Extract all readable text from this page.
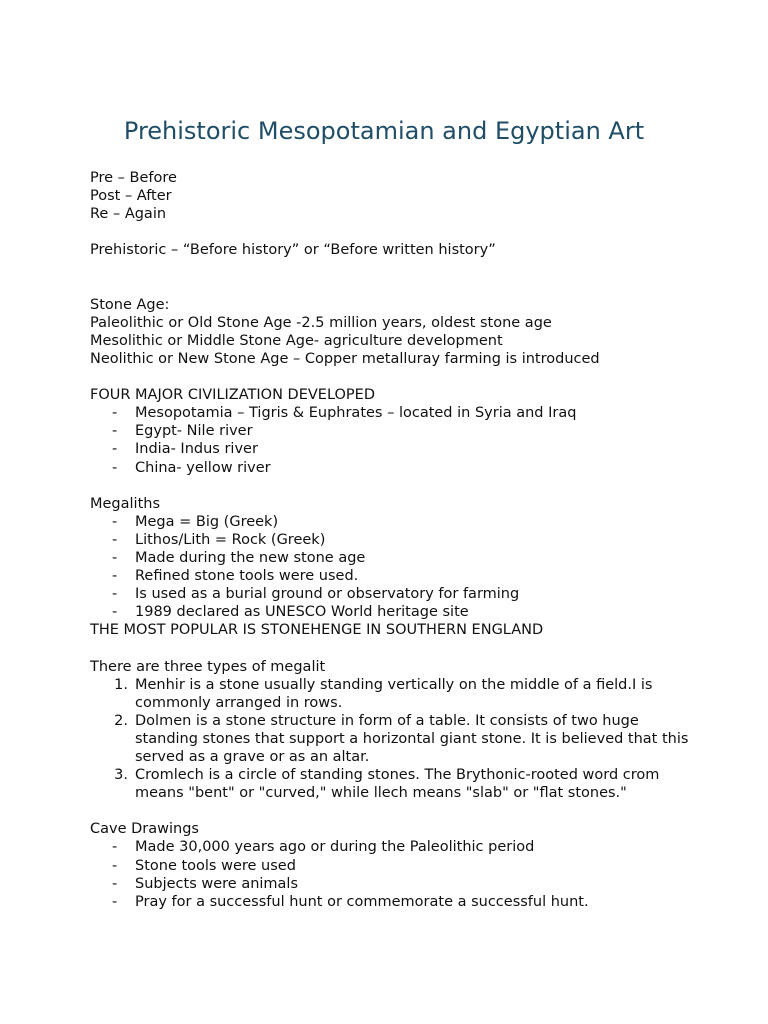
Prehistoric Mesopotamian and Egyptian Art
Pre – Before
Post – After
Re – Again
Prehistoric – “Before history” or “Before written history”
Stone Age:
Paleolithic or Old Stone Age -2.5 million years, oldest stone age
Mesolithic or Middle Stone Age- agriculture development
Neolithic or New Stone Age – Copper metalluray farming is introduced
FOUR MAJOR CIVILIZATION DEVELOPED
-	Mesopotamia – Tigris & Euphrates – located in Syria and Iraq
-	Egypt- Nile river
-	India- Indus river
-	China- yellow river
Megaliths
-	Mega = Big (Greek)
-	Lithos/Lith = Rock (Greek)
-	Made during the new stone age
-	Refined stone tools were used.
-	Is used as a burial ground or observatory for farming
-	1989 declared as UNESCO World heritage site
THE MOST POPULAR IS STONEHENGE IN SOUTHERN ENGLAND
There are three types of megalit
1. Menhir is a stone usually standing vertically on the middle of a field.I is commonly arranged in rows.
2. Dolmen is a stone structure in form of a table. It consists of two huge standing stones that support a horizontal giant stone. It is believed that this served as a grave or as an altar.
3. Cromlech is a circle of standing stones. The Brythonic-rooted word crom means "bent" or "curved," while llech means "slab" or "flat stones."
Cave Drawings
-	Made 30,000 years ago or during the Paleolithic period
-	Stone tools were used
-	Subjects were animals
-	Pray for a successful hunt or commemorate a successful hunt.
